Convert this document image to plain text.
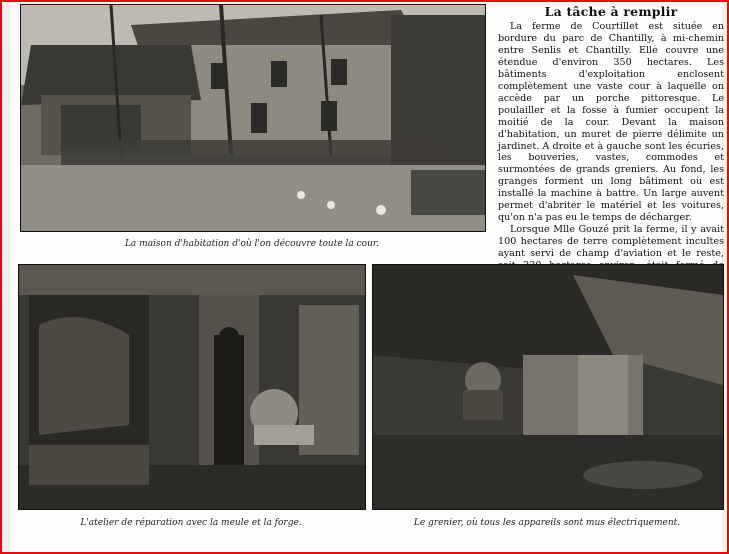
La maison d'habitation d'où l'on découvre toute la cour.
La tâche à remplir

La ferme de Courtillet est située en bordure du parc de Chantilly, à mi-chemin entre Senlis et Chantilly. Elle couvre une étendue d'environ 350 hectares. Les bâtiments d'exploitation enclosent complètement une vaste cour à laquelle on accède par un porche pittoresque. Le poulailler et la fosse à fumier occupent la moitié de la cour. Devant la maison d'habitation, un muret de pierre délimite un jardinet. A droite et à gauche sont les écuries, les bouveries, vastes, commodes et surmontées de grands greniers. Au fond, les granges forment un long bâtiment où est installé la machine à battre. Un large auvent permet d'abriter le matériel et les voitures, qu'on n'a pas eu le temps de décharger.

Lorsque Mlle Gouzé prit la ferme, il y avait 100 hectares de terre complètement incultes ayant servi de champ d'aviation et le reste,

L'atelier de réparation avec la meule et la forge.	Le grenier, où tous les appareils sont mus électriquement.
